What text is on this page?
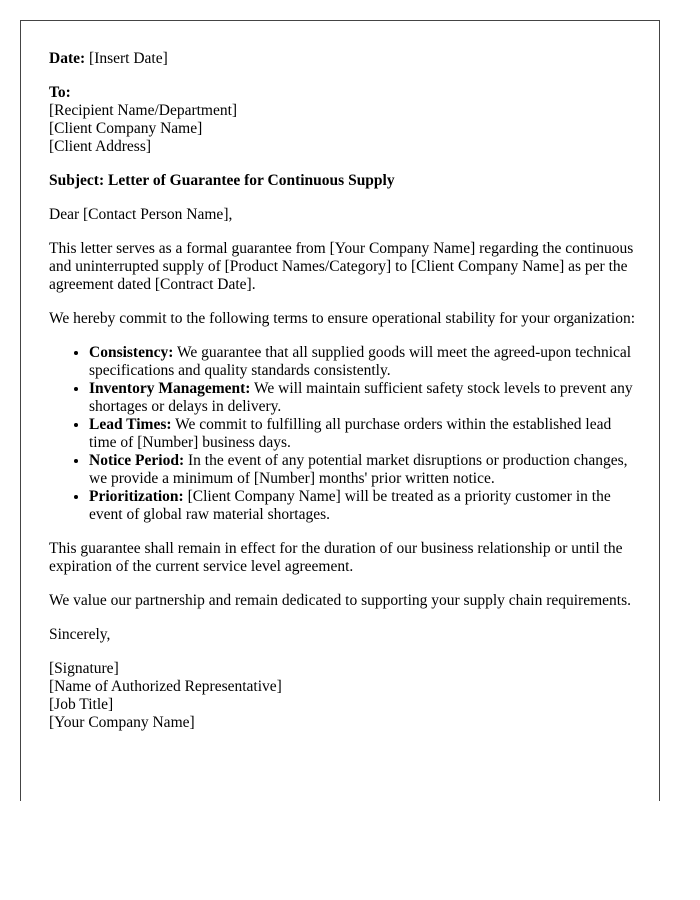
Date: [Insert Date]

To:
[Recipient Name/Department]
[Client Company Name]
[Client Address]

Subject: Letter of Guarantee for Continuous Supply

Dear [Contact Person Name],

This letter serves as a formal guarantee from [Your Company Name] regarding the continuous and uninterrupted supply of [Product Names/Category] to [Client Company Name] as per the agreement dated [Contract Date].

We hereby commit to the following terms to ensure operational stability for your organization:

• Consistency: We guarantee that all supplied goods will meet the agreed-upon technical specifications and quality standards consistently.
• Inventory Management: We will maintain sufficient safety stock levels to prevent any shortages or delays in delivery.
• Lead Times: We commit to fulfilling all purchase orders within the established lead time of [Number] business days.
• Notice Period: In the event of any potential market disruptions or production changes, we provide a minimum of [Number] months' prior written notice.
• Prioritization: [Client Company Name] will be treated as a priority customer in the event of global raw material shortages.

This guarantee shall remain in effect for the duration of our business relationship or until the expiration of the current service level agreement.

We value our partnership and remain dedicated to supporting your supply chain requirements.

Sincerely,

[Signature]
[Name of Authorized Representative]
[Job Title]
[Your Company Name]
